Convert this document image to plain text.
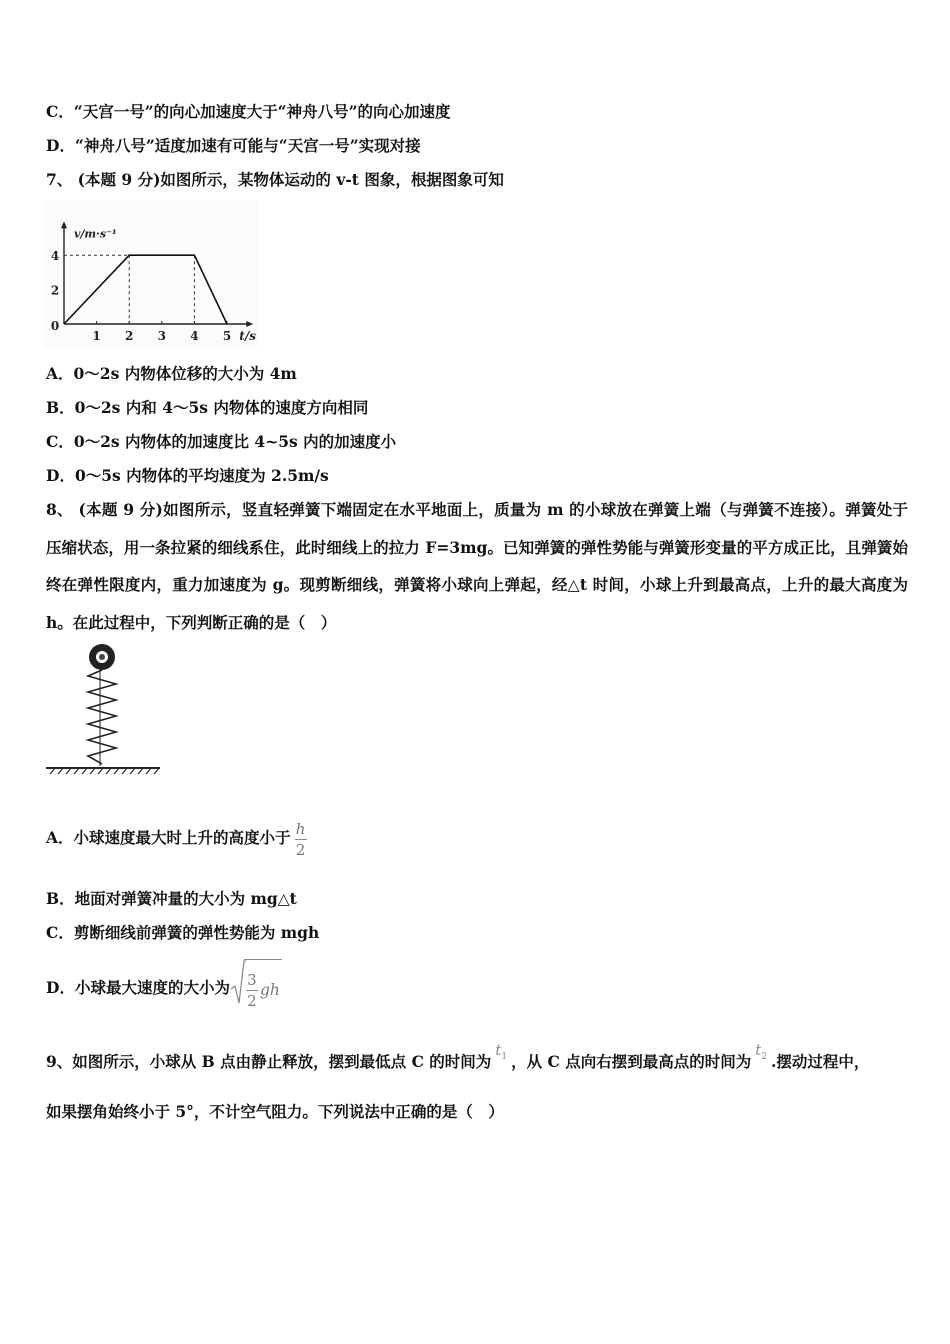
C．“天宫一号”的向心加速度大于“神舟八号”的向心加速度
D．“神舟八号”适度加速有可能与“天宫一号”实现对接
7、 (本题 9 分)如图所示，某物体运动的 v-t 图象，根据图象可知
1 2 3 4 5
0
2
4
v/m·s⁻¹
t/s
A．0～2s 内物体位移的大小为 4m
B．0～2s 内和 4～5s 内物体的速度方向相同
C．0～2s 内物体的加速度比 4~5s 内的加速度小
D．0～5s 内物体的平均速度为 2.5m/s
8、 (本题 9 分)如图所示，竖直轻弹簧下端固定在水平地面上，质量为 m 的小球放在弹簧上端（与弹簧不连接）。弹簧处于压缩状态，用一条拉紧的细线系住，此时细线上的拉力 F=3mg。已知弹簧的弹性势能与弹簧形变量的平方成正比，且弹簧始终在弹性限度内，重力加速度为 g。现剪断细线，弹簧将小球向上弹起，经△t 时间，小球上升到最高点，上升的最大高度为 h。在此过程中，下列判断正确的是（　）
A．小球速度最大时上升的高度小于 $\frac{h}{2}$
B．地面对弹簧冲量的大小为 mg△t
C．剪断细线前弹簧的弹性势能为 mgh
D．小球最大速度的大小为 $\frac{3}{2}$ gh
9、如图所示，小球从 B 点由静止释放，摆到最低点 C 的时间为$t_1$ ，从 C 点向右摆到最高点的时间为$t_2$ .摆动过程中，
如果摆角始终小于 5°，不计空气阻力。下列说法中正确的是（　）
